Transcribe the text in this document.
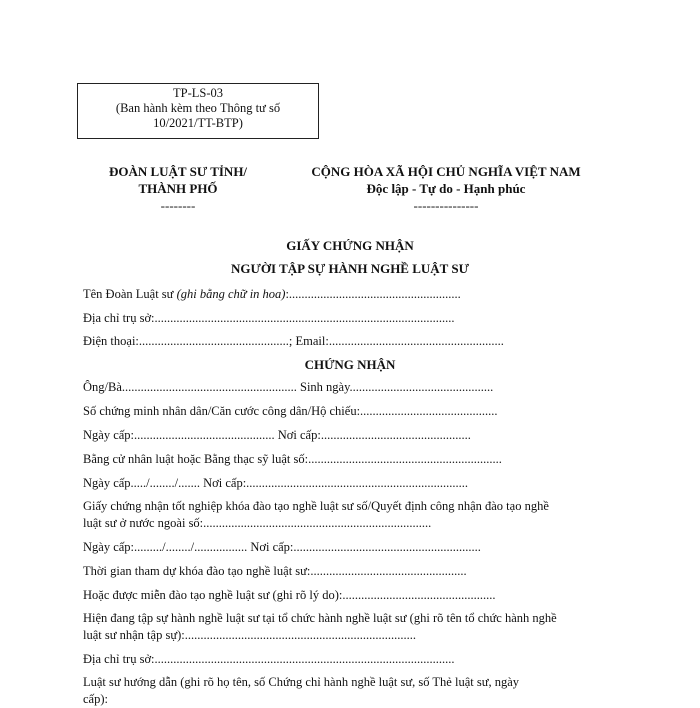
TP-LS-03
(Ban hành kèm theo Thông tư số
10/2021/TT-BTP)
ĐOÀN LUẬT SƯ TỈNH/
THÀNH PHỐ
--------
CỘNG HÒA XÃ HỘI CHỦ NGHĨA VIỆT NAM
Độc lập - Tự do - Hạnh phúc
---------------
GIẤY CHỨNG NHẬN
NGƯỜI TẬP SỰ HÀNH NGHỀ LUẬT SƯ
Tên Đoàn Luật sư (ghi bằng chữ in hoa):.......................................................
Địa chỉ trụ sở:................................................................................................
Điện thoại:................................................; Email:........................................................
CHỨNG NHẬN
Ông/Bà........................................................ Sinh ngày..............................................
Số chứng minh nhân dân/Căn cước công dân/Hộ chiếu:............................................
Ngày cấp:............................................. Nơi cấp:................................................
Bằng cử nhân luật hoặc Bằng thạc sỹ luật số:..............................................................
Ngày cấp...../......../....... Nơi cấp:.......................................................................
Giấy chứng nhận tốt nghiệp khóa đào tạo nghề luật sư số/Quyết định công nhận đào tạo nghề
luật sư ở nước ngoài số:.........................................................................
Ngày cấp:........./......../................. Nơi cấp:............................................................
Thời gian tham dự khóa đào tạo nghề luật sư:..................................................
Hoặc được miễn đào tạo nghề luật sư (ghi rõ lý do):.................................................
Hiện đang tập sự hành nghề luật sư tại tổ chức hành nghề luật sư (ghi rõ tên tổ chức hành nghề
luật sư nhận tập sự):..........................................................................
Địa chỉ trụ sở:................................................................................................
Luật sư hướng dẫn (ghi rõ họ tên, số Chứng chỉ hành nghề luật sư, số Thẻ luật sư, ngày
cấp):
